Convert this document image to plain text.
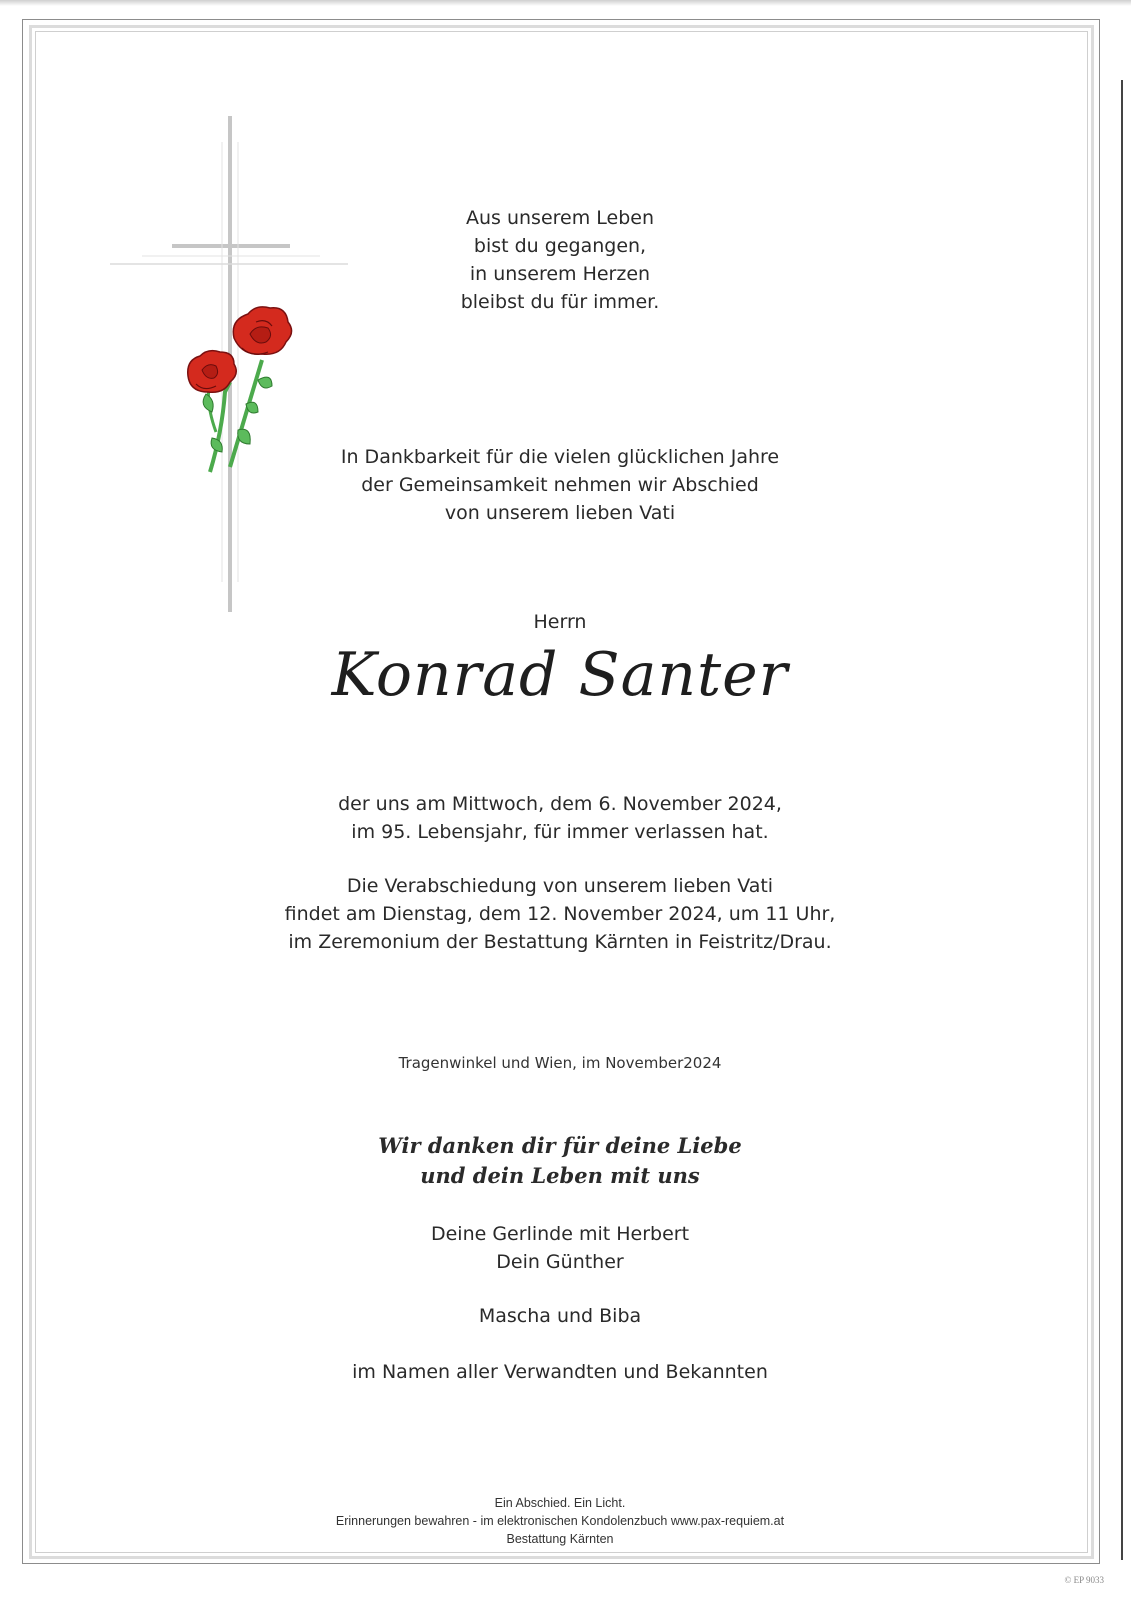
Aus unserem Leben

bist du gegangen,

in unserem Herzen

bleibst du für immer.

In Dankbarkeit für die vielen glücklichen Jahre

der Gemeinsamkeit nehmen wir Abschied

von unserem lieben Vati

Herrn
Konrad Santer

der uns am Mittwoch, dem 6. November 2024,

im 95. Lebensjahr, für immer verlassen hat.

Die Verabschiedung von unserem lieben Vati

findet am Dienstag, dem 12. November 2024, um 11 Uhr,

im Zeremonium der Bestattung Kärnten in Feistritz/Drau.

Tragenwinkel und Wien, im November2024
Wir danken dir für deine Liebe
und dein Leben mit uns

Deine Gerlinde mit Herbert

Dein Günther

Mascha und Biba
im Namen aller Verwandten und Bekannten

Ein Abschied. Ein Licht.

Erinnerungen bewahren - im elektronischen Kondolenzbuch www.pax-requiem.at

Bestattung Kärnten

© EP 9033
